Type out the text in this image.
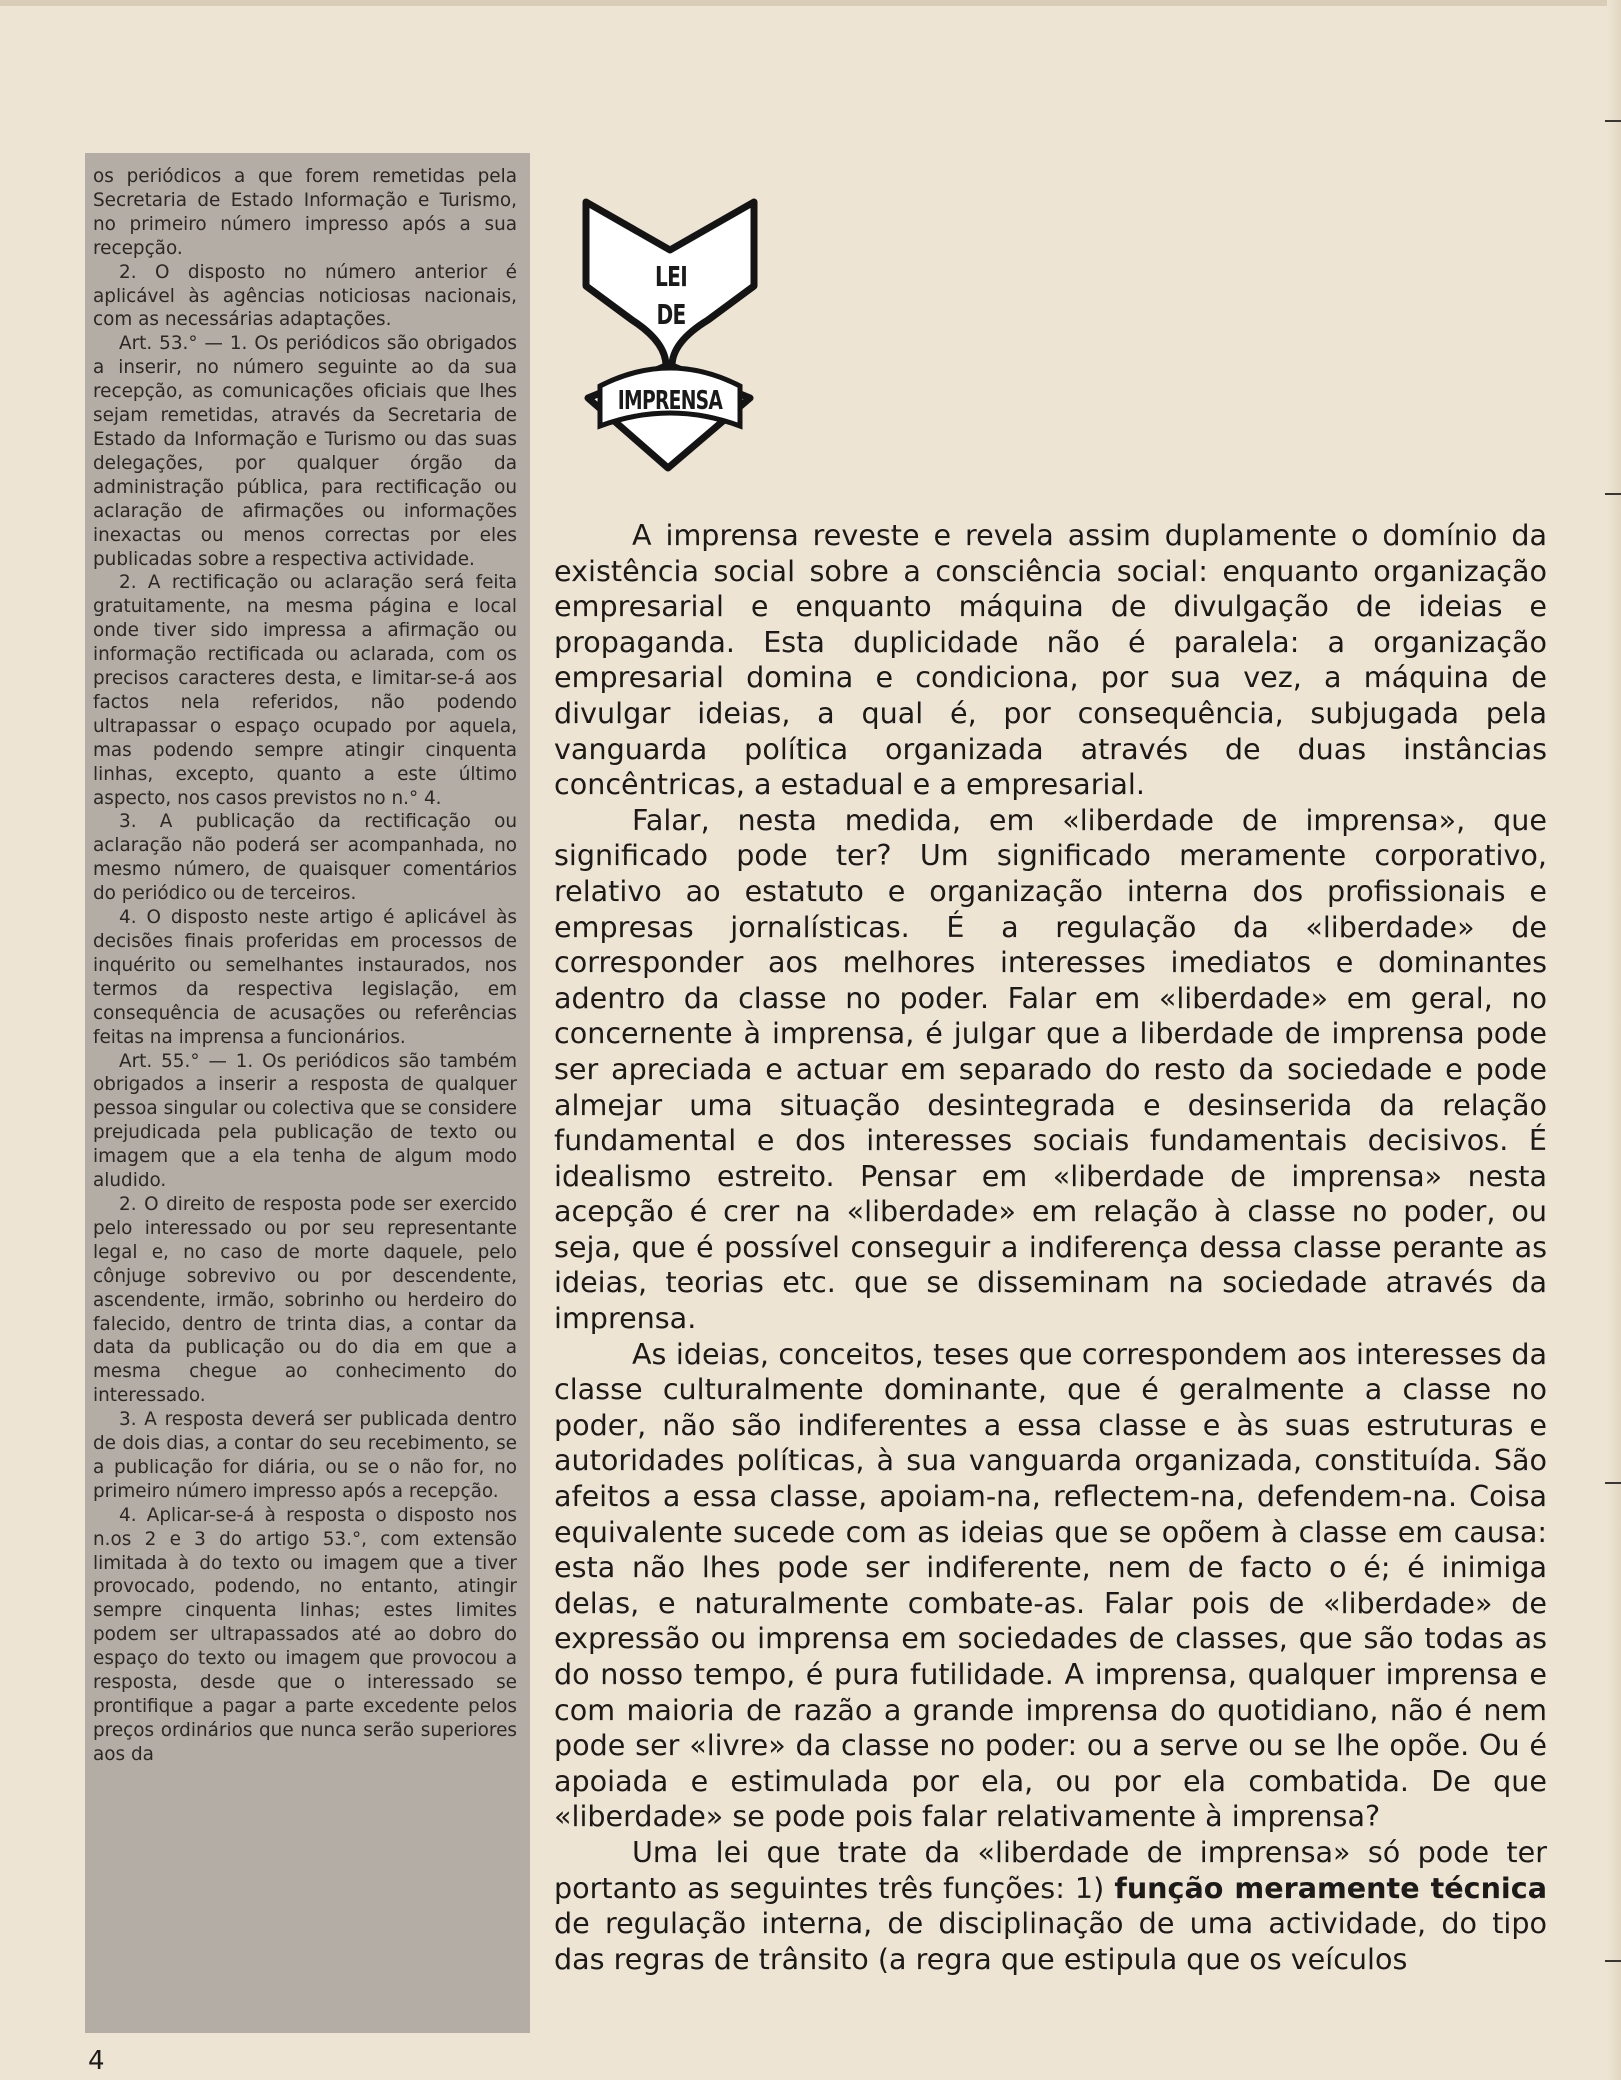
os periódicos a que forem remetidas pela Secretaria de Estado Informação e Turismo, no primeiro número impresso após a sua recepção.

2. O disposto no número anterior é aplicável às agências noticiosas nacionais, com as necessárias adaptações.

Art. 53.° — 1. Os periódicos são obrigados a inserir, no número seguinte ao da sua recepção, as comunicações oficiais que lhes sejam remetidas, através da Secretaria de Estado da Informação e Turismo ou das suas delegações, por qualquer órgão da administração pública, para rectificação ou aclaração de afirmações ou informações inexactas ou menos correctas por eles publicadas sobre a respectiva actividade.

2. A rectificação ou aclaração será feita gratuitamente, na mesma página e local onde tiver sido impressa a afirmação ou informação rectificada ou aclarada, com os precisos caracteres desta, e limitar-se-á aos factos nela referidos, não podendo ultrapassar o espaço ocupado por aquela, mas podendo sempre atingir cinquenta linhas, excepto, quanto a este último aspecto, nos casos previstos no n.° 4.

3. A publicação da rectificação ou aclaração não poderá ser acompanhada, no mesmo número, de quaisquer comentários do periódico ou de terceiros.

4. O disposto neste artigo é aplicável às decisões finais proferidas em processos de inquérito ou semelhantes instaurados, nos termos da respectiva legislação, em consequência de acusações ou referências feitas na imprensa a funcionários.

Art. 55.° — 1. Os periódicos são também obrigados a inserir a resposta de qualquer pessoa singular ou colectiva que se considere prejudicada pela publicação de texto ou imagem que a ela tenha de algum modo aludido.

2. O direito de resposta pode ser exercido pelo interessado ou por seu representante legal e, no caso de morte daquele, pelo cônjuge sobrevivo ou por descendente, ascendente, irmão, sobrinho ou herdeiro do falecido, dentro de trinta dias, a contar da data da publicação ou do dia em que a mesma chegue ao conhecimento do interessado.

3. A resposta deverá ser publicada dentro de dois dias, a contar do seu recebimento, se a publicação for diária, ou se o não for, no primeiro número impresso após a recepção.

4. Aplicar-se-á à resposta o disposto nos n.os 2 e 3 do artigo 53.°, com extensão limitada à do texto ou imagem que a tiver provocado, podendo, no entanto, atingir sempre cinquenta linhas; estes limites podem ser ultrapassados até ao dobro do espaço do texto ou imagem que provocou a resposta, desde que o interessado se prontifique a pagar a parte excedente pelos preços ordinários que nunca serão superiores aos da

LEI
DE
IMPRENSA

A imprensa reveste e revela assim duplamente o domínio da existência social sobre a consciência social: enquanto organização empresarial e enquanto máquina de divulgação de ideias e propaganda. Esta duplicidade não é paralela: a organização empresarial domina e condiciona, por sua vez, a máquina de divulgar ideias, a qual é, por consequência, subjugada pela vanguarda política organizada através de duas instâncias concêntricas, a estadual e a empresarial.

Falar, nesta medida, em «liberdade de imprensa», que significado pode ter? Um significado meramente corporativo, relativo ao estatuto e organização interna dos profissionais e empresas jornalísticas. É a regulação da «liberdade» de corresponder aos melhores interesses imediatos e dominantes adentro da classe no poder. Falar em «liberdade» em geral, no concernente à imprensa, é julgar que a liberdade de imprensa pode ser apreciada e actuar em separado do resto da sociedade e pode almejar uma situação desintegrada e desinserida da relação fundamental e dos interesses sociais fundamentais decisivos. É idealismo estreito. Pensar em «liberdade de imprensa» nesta acepção é crer na «liberdade» em relação à classe no poder, ou seja, que é possível conseguir a indiferença dessa classe perante as ideias, teorias etc. que se disseminam na sociedade através da imprensa.

As ideias, conceitos, teses que correspondem aos interesses da classe culturalmente dominante, que é geralmente a classe no poder, não são indiferentes a essa classe e às suas estruturas e autoridades políticas, à sua vanguarda organizada, constituída. São afeitos a essa classe, apoiam-na, reflectem-na, defendem-na. Coisa equivalente sucede com as ideias que se opõem à classe em causa: esta não lhes pode ser indiferente, nem de facto o é; é inimiga delas, e naturalmente combate-as. Falar pois de «liberdade» de expressão ou imprensa em sociedades de classes, que são todas as do nosso tempo, é pura futilidade. A imprensa, qualquer imprensa e com maioria de razão a grande imprensa do quotidiano, não é nem pode ser «livre» da classe no poder: ou a serve ou se lhe opõe. Ou é apoiada e estimulada por ela, ou por ela combatida. De que «liberdade» se pode pois falar relativamente à imprensa?

Uma lei que trate da «liberdade de imprensa» só pode ter portanto as seguintes três funções: 1) função meramente técnica de regulação interna, de disciplinação de uma actividade, do tipo das regras de trânsito (a regra que estipula que os veículos

4
